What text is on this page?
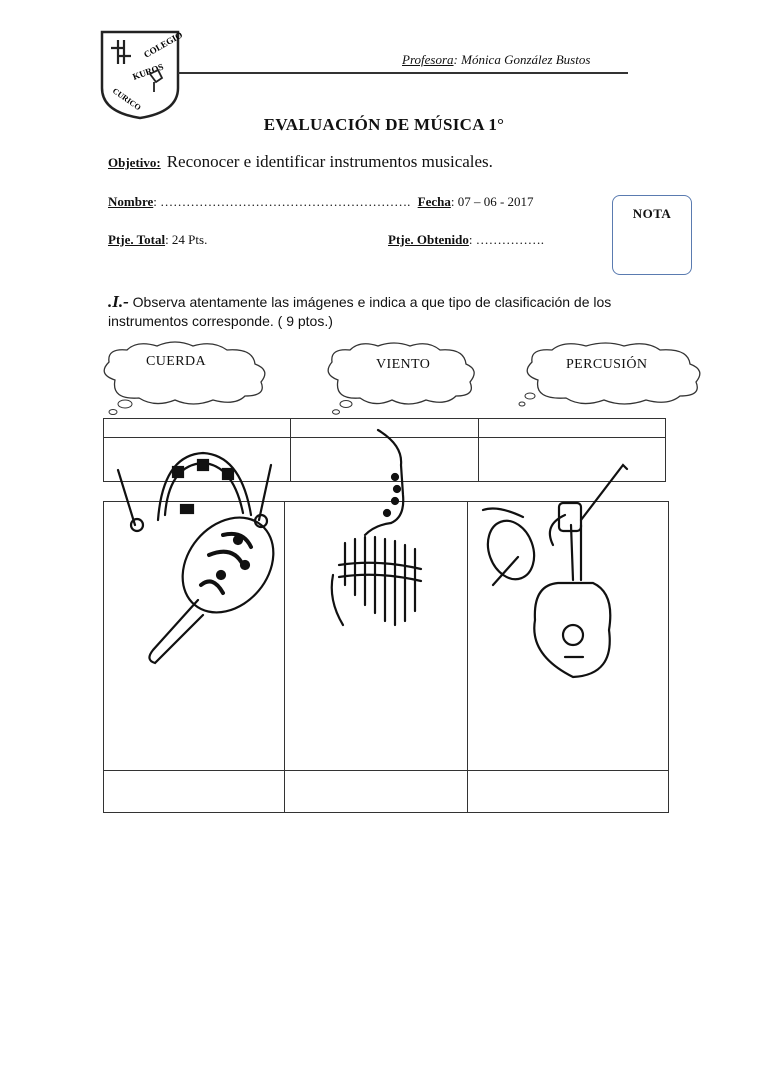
COLEGIO
KUROS
CURICO
Profesora: Mónica González Bustos
EVALUACIÓN DE MÚSICA 1°
Objetivo: Reconocer e identificar instrumentos musicales.
Nombre: …………………………………………………. Fecha: 07 – 06 - 2017
Ptje. Total: 24 Pts.	Ptje. Obtenido: …………….
NOTA
.I.- Observa atentamente las imágenes e indica a que tipo de clasificación de los instrumentos corresponde. ( 9 ptos.)
CUERDA	VIENTO	PERCUSIÓN
